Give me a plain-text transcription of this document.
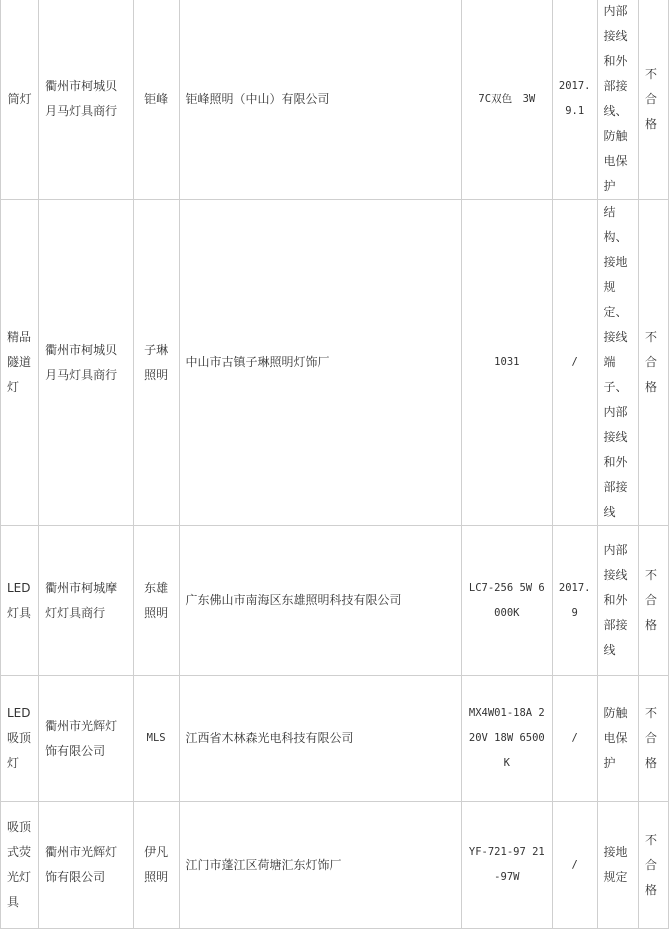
筒灯	衢州市柯城贝月马灯具商行	钜峰	钜峰照明（中山）有限公司	7C双色　3W	2017.9.1	内部接线和外部接线、防触电保护	不合格
精品隧道灯	衢州市柯城贝月马灯具商行	子琳照明	中山市古镇子琳照明灯饰厂	1031	/	结构、接地规定、接线端子、内部接线和外部接线	不合格
LED灯具	衢州市柯城摩灯灯具商行	东雄照明	广东佛山市南海区东雄照明科技有限公司	LC7-256 5W 6000K	2017.9	内部接线和外部接线	不合格
LED吸顶灯	衢州市光辉灯饰有限公司	MLS	江西省木林森光电科技有限公司	MX4W01-18A 220V 18W 6500K	/	防触电保护	不合格
吸顶式荧光灯具	衢州市光辉灯饰有限公司	伊凡照明	江门市蓬江区荷塘汇东灯饰厂	YF-721-97 21-97W	/	接地规定	不合格
